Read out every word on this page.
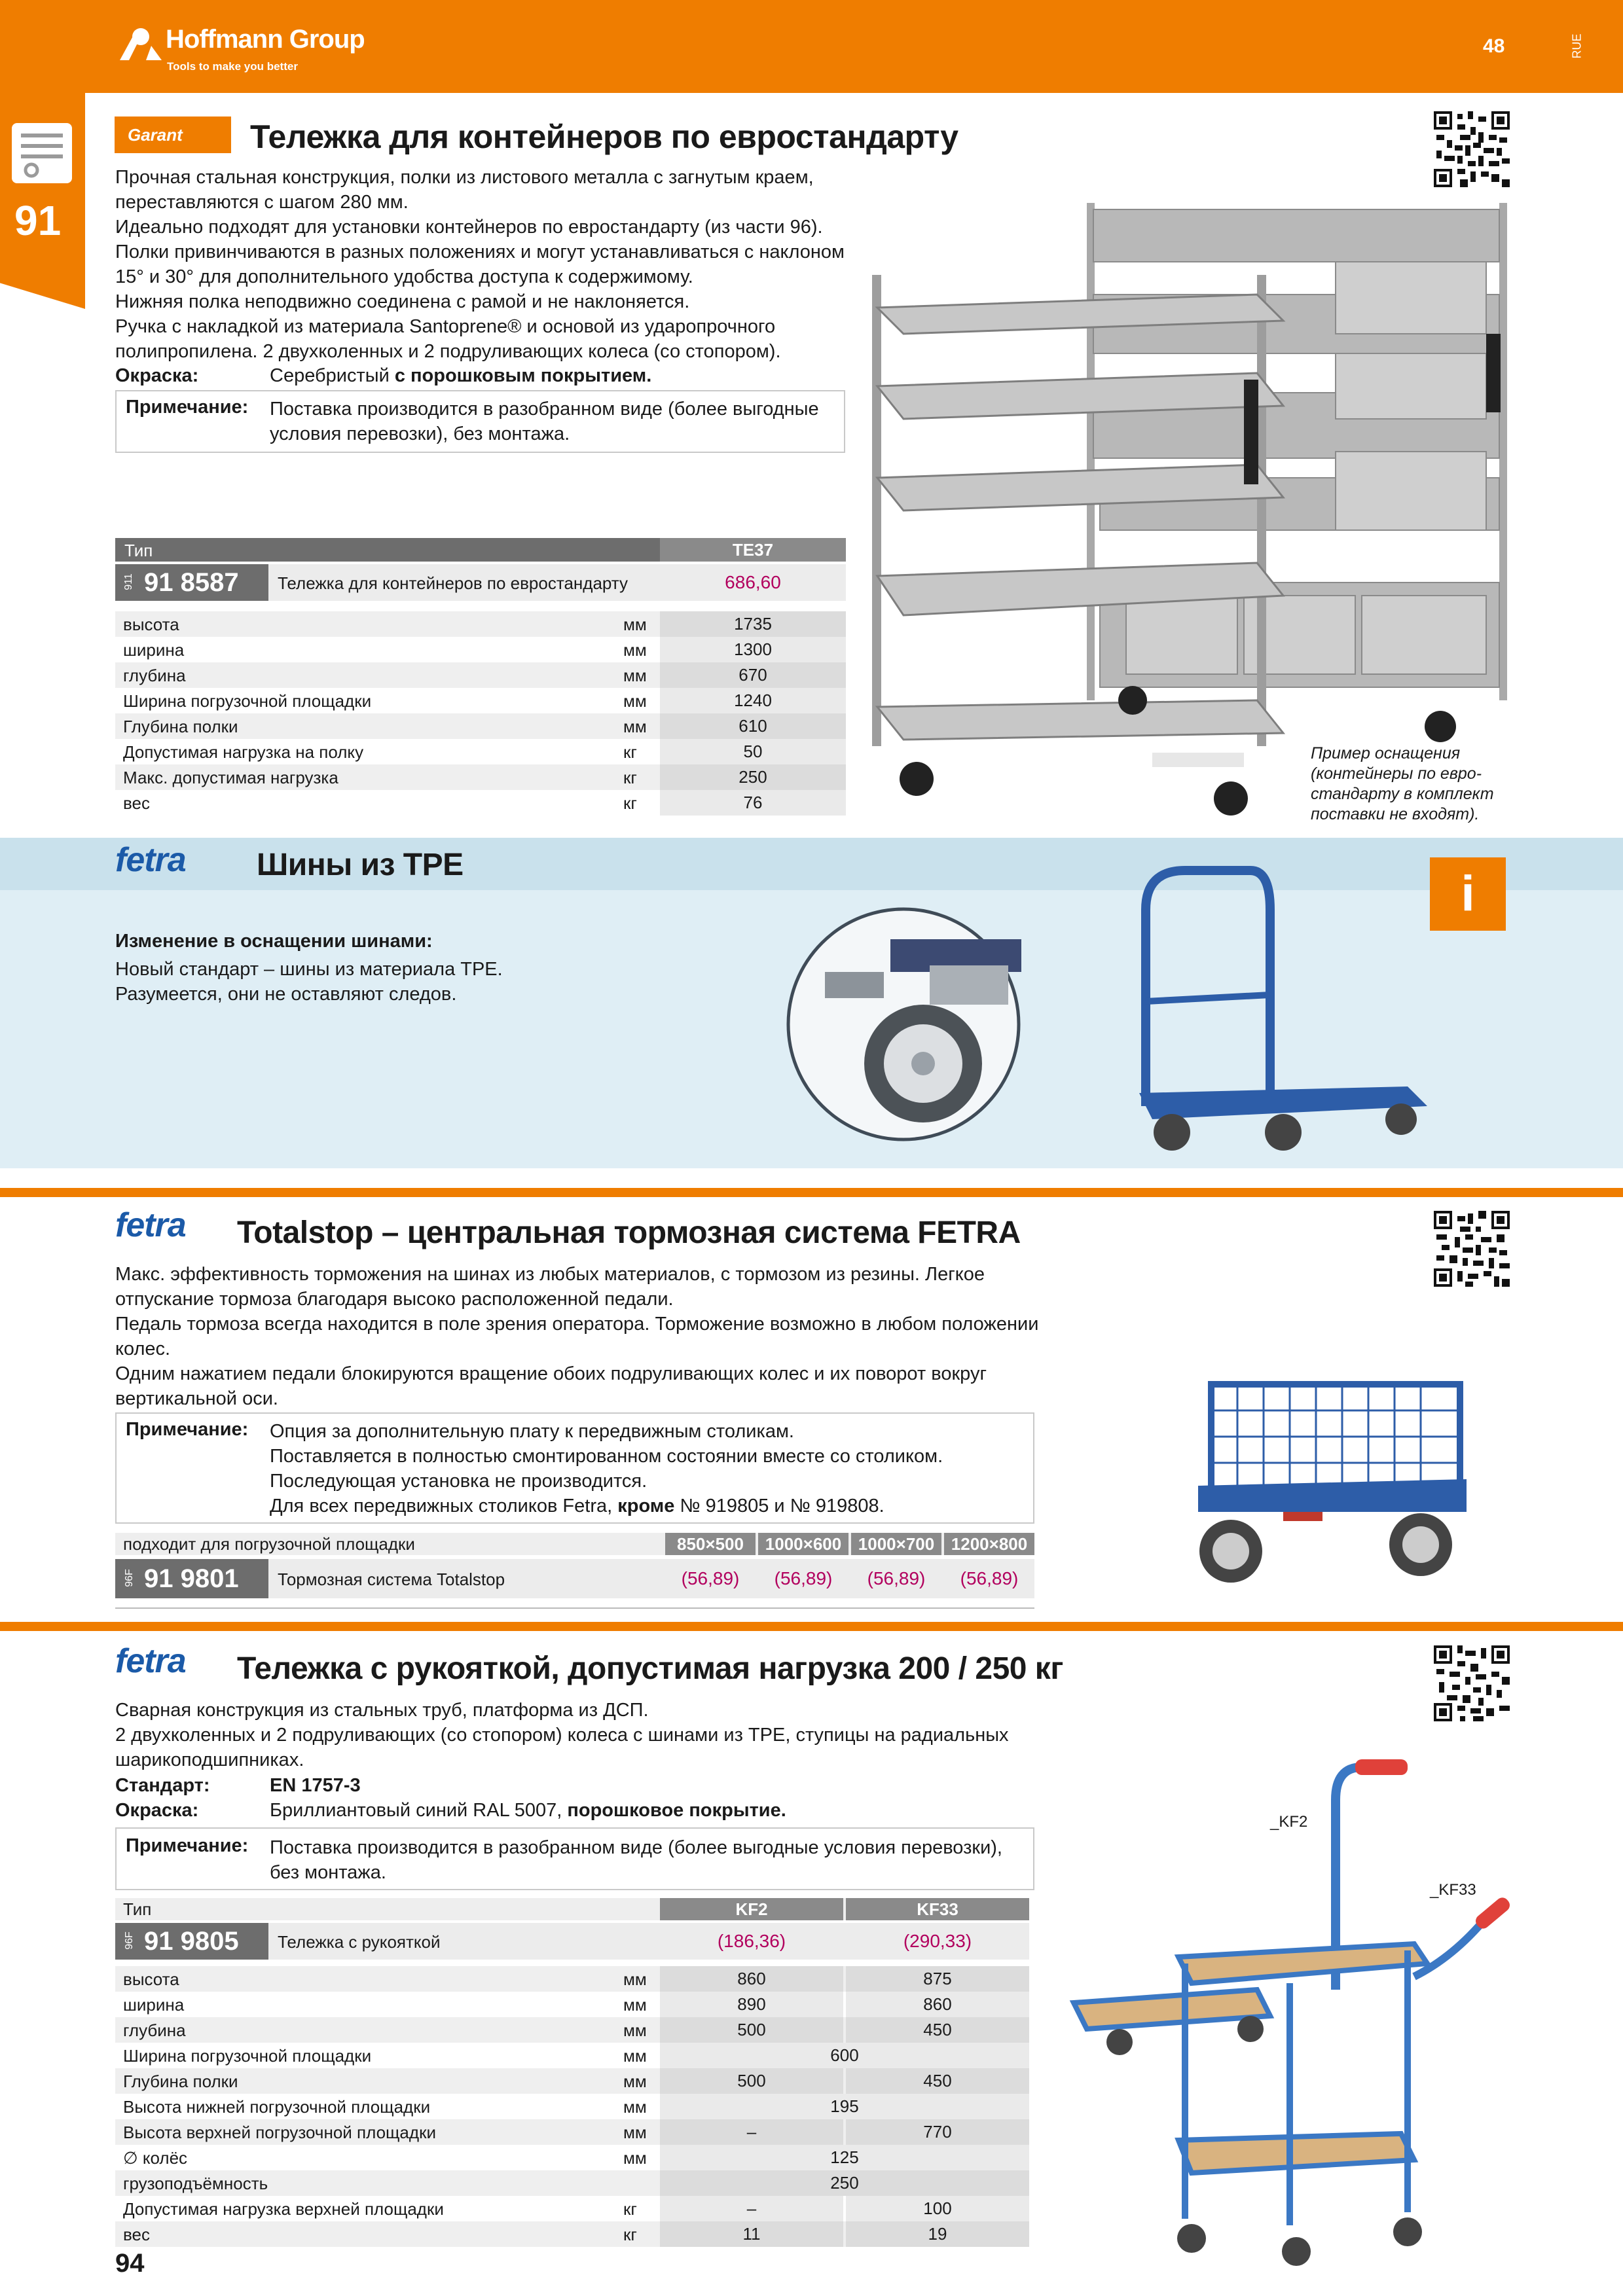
Hoffmann Group
Tools to make you better
48	RUE
91
Garant	Тележка для контейнеров по евростандарту
Прочная стальная конструкция, полки из листового металла с загнутым краем,
переставляются с шагом 280 мм.
Идеально подходят для установки контейнеров по евростандарту (из части 96).
Полки привинчиваются в разных положениях и могут устанавливаться с наклоном
15° и 30° для дополнительного удобства доступа к содержимому.
Нижняя полка неподвижно соединена с рамой и не наклоняется.
Ручка с накладкой из материала Santoprene® и основой из ударопрочного
полипропилена. 2 двухколенных и 2 подруливающих колеса (со стопором).
Окраска:	Серебристый с порошковым покрытием.
Примечание: Поставка производится в разобранном виде (более выгодные
условия перевозки), без монтажа.
Тип	TE37
911 91 8587 Тележка для контейнеров по евростандарту	686,60
высота	мм	1735
ширина	мм	1300
глубина	мм	670
Ширина погрузочной площадки	мм	1240
Глубина полки	мм	610
Допустимая нагрузка на полку	кг	50
Макс. допустимая нагрузка	кг	250
вес	кг	76
Пример оснащения
(контейнеры по евро-
стандарту в комплект
поставки не входят).
fetra Шины из TPE
i
Изменение в оснащении шинами:
Новый стандарт – шины из материала TPE.
Разумеется, они не оставляют следов.
fetra Totalstop – центральная тормозная система FETRA
Макс. эффективность торможения на шинах из любых материалов, с тормозом из резины. Легкое
отпускание тормоза благодаря высоко расположенной педали.
Педаль тормоза всегда находится в поле зрения оператора. Торможение возможно в любом положении
колес.
Одним нажатием педали блокируются вращение обоих подруливающих колес и их поворот вокруг
вертикальной оси.
Примечание: Опция за дополнительную плату к передвижным столикам.
Поставляется в полностью смонтированном состоянии вместе со столиком.
Последующая установка не производится.
Для всех передвижных столиков Fetra, кроме № 919805 и № 919808.
подходит для погрузочной площадки	850×500	1000×600 1000×700 1200×800
96F 91 9801 Тормозная система Totalstop	(56,89)	(56,89)	(56,89)	(56,89)
fetra Тележка с рукояткой, допустимая нагрузка 200 / 250 кг
Сварная конструкция из стальных труб, платформа из ДСП.
2 двухколенных и 2 подруливающих (со стопором) колеса с шинами из TPE, ступицы на радиальных
шарикоподшипниках.
Стандарт:	EN 1757-3
Окраска:	Бриллиантовый синий RAL 5007, порошковое покрытие.
Примечание: Поставка производится в разобранном виде (более выгодные условия перевозки),
без монтажа.
Тип	KF2	KF33
96F 91 9805 Тележка с рукояткой	(186,36)	(290,33)
высота	мм	860	875
ширина	мм	890	860
глубина	мм	500	450
Ширина погрузочной площадки	мм	600
Глубина полки	мм	500	450
Высота нижней погрузочной площадки	мм	195
Высота верхней погрузочной площадки	мм	–	770
∅ колёс	мм	125
грузоподъёмность	250
Допустимая нагрузка верхней площадки	кг	–	100
вес	кг	11	19
_KF2
_KF33
94
